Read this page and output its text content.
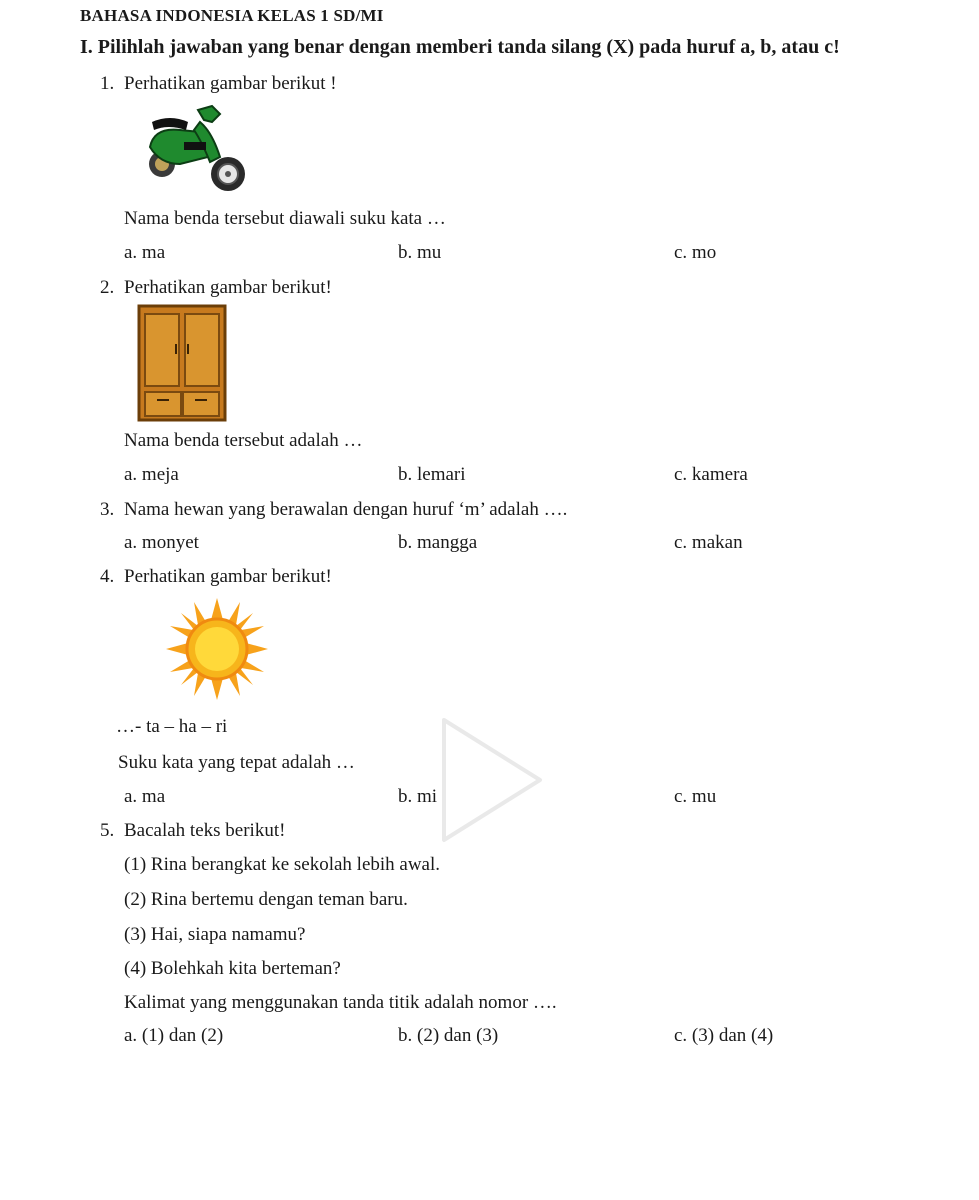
BAHASA INDONESIA KELAS 1 SD/MI
I. Pilihlah jawaban yang benar dengan memberi tanda silang (X) pada huruf a, b, atau c!
1. Perhatikan gambar berikut !
Nama benda tersebut diawali suku kata …
a. ma	b. mu	c. mo
2. Perhatikan gambar berikut!
Nama benda tersebut adalah …
a. meja	b. lemari	c. kamera
3. Nama hewan yang berawalan dengan huruf ‘m’ adalah ….
a. monyet	b. mangga	c. makan
4. Perhatikan gambar berikut!
…- ta – ha – ri
Suku kata yang tepat adalah …
a. ma	b. mi	c. mu
5. Bacalah teks berikut!
(1) Rina berangkat ke sekolah lebih awal.
(2) Rina bertemu dengan teman baru.
(3) Hai, siapa namamu?
(4) Bolehkah kita berteman?
Kalimat yang menggunakan tanda titik adalah nomor ….
a. (1) dan (2)	b. (2) dan (3)	c. (3) dan (4)
